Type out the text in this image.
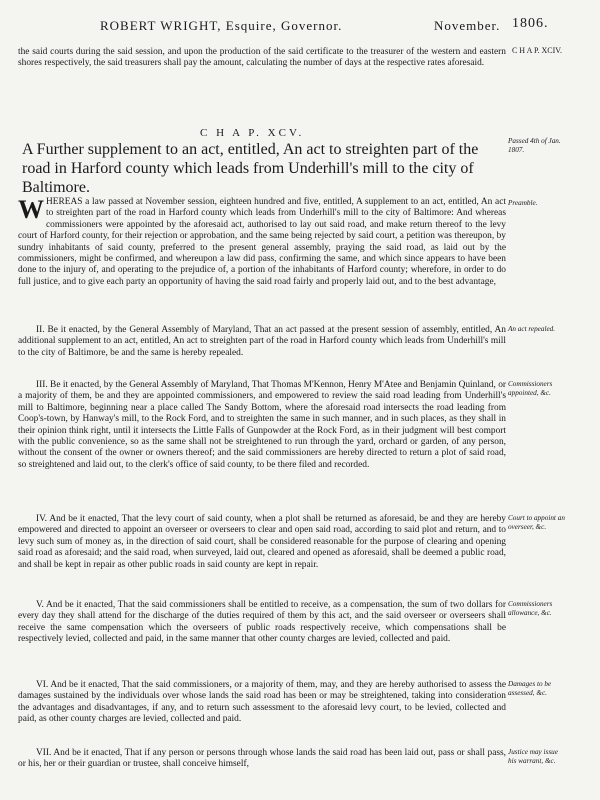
ROBERT WRIGHT, Esquire, Governor.	November. 1806.
the said courts during the said session, and upon the production of the said certificate to the treasurer of the western and eastern shores respectively, the said treasurers shall pay the amount, calculating the number of days at the respective rates aforesaid.
C H A P. XCIV.
C H A P. XCV.
A Further supplement to an act, entitled, An act to streighten part of the road in Harford county which leads from Underhill's mill to the city of Baltimore.
Passed 4th of Jan. 1807.
WHEREAS a law passed at November session, eighteen hundred and five, entitled, A supplement to an act, entitled, An act to streighten part of the road in Harford county which leads from Underhill's mill to the city of Baltimore: And whereas commissioners were appointed by the aforesaid act, authorised to lay out said road, and make return thereof to the levy court of Harford county, for their rejection or approbation, and the same being rejected by said court, a petition was thereupon, by sundry inhabitants of said county, preferred to the present general assembly, praying the said road, as laid out by the commissioners, might be confirmed, and whereupon a law did pass, confirming the same, and which since appears to have been done to the injury of, and operating to the prejudice of, a portion of the inhabitants of Harford county; wherefore, in order to do full justice, and to give each party an opportunity of having the said road fairly and properly laid out, and to the best advantage,
Preamble.
II. Be it enacted, by the General Assembly of Maryland, That an act passed at the present session of assembly, entitled, An additional supplement to an act, entitled, An act to streighten part of the road in Harford county which leads from Underhill's mill to the city of Baltimore, be and the same is hereby repealed.
An act repealed.
III. Be it enacted, by the General Assembly of Maryland, That Thomas M'Kennon, Henry M'Atee and Benjamin Quinland, or a majority of them, be and they are appointed commissioners, and empowered to review the said road leading from Underhill's mill to Baltimore, beginning near a place called The Sandy Bottom, where the aforesaid road intersects the road leading from Coop's-town, by Hanway's mill, to the Rock Ford, and to streighten the same in such manner, and in such places, as they shall in their opinion think right, until it intersects the Little Falls of Gunpowder at the Rock Ford, as in their judgment will best comport with the public convenience, so as the same shall not be streightened to run through the yard, orchard or garden, of any person, without the consent of the owner or owners thereof; and the said commissioners are hereby directed to return a plot of said road, so streightened and laid out, to the clerk's office of said county, to be there filed and recorded.
Commissioners appointed, &c.
IV. And be it enacted, That the levy court of said county, when a plot shall be returned as aforesaid, be and they are hereby empowered and directed to appoint an overseer or overseers to clear and open said road, according to said plot and return, and to levy such sum of money as, in the direction of said court, shall be considered reasonable for the purpose of clearing and opening said road as aforesaid; and the said road, when surveyed, laid out, cleared and opened as aforesaid, shall be deemed a public road, and shall be kept in repair as other public roads in said county are kept in repair.
Court to appoint an overseer, &c.
V. And be it enacted, That the said commissioners shall be entitled to receive, as a compensation, the sum of two dollars for every day they shall attend for the discharge of the duties required of them by this act, and the said overseer or overseers shall receive the same compensation which the overseers of public roads respectively receive, which compensations shall be respectively levied, collected and paid, in the same manner that other county charges are levied, collected and paid.
Commissioners allowance, &c.
VI. And be it enacted, That the said commissioners, or a majority of them, may, and they are hereby authorised to assess the damages sustained by the individuals over whose lands the said road has been or may be streightened, taking into consideration the advantages and disadvantages, if any, and to return such assessment to the aforesaid levy court, to be levied, collected and paid, as other county charges are levied, collected and paid.
Damages to be assessed, &c.
VII. And be it enacted, That if any person or persons through whose lands the said road has been laid out, pass or shall pass, or his, her or their guardian or trustee, shall conceive himself,
Justice may issue his warrant, &c.
